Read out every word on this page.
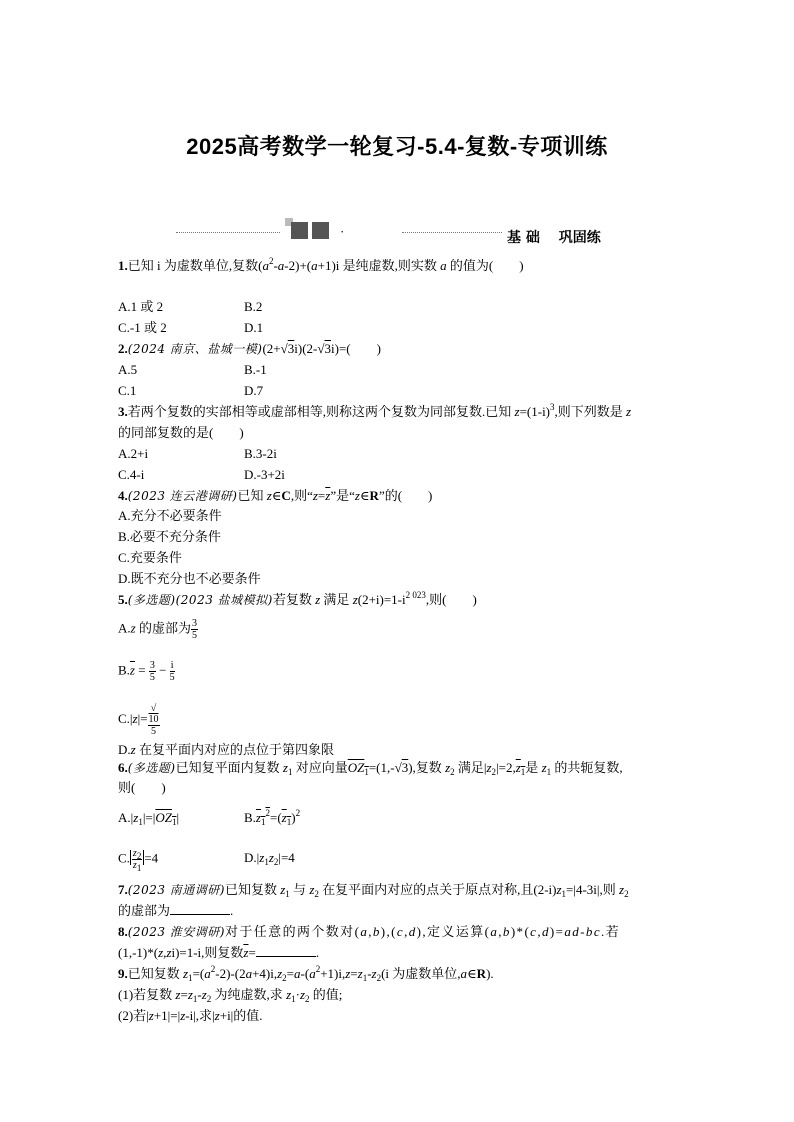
2025高考数学一轮复习-5.4-复数-专项训练
·	基 础　 巩固练
1.已知 i 为虚数单位,复数$(a^2-a-2)+(a+1)i$ 是纯虚数,则实数 a 的值为(　　)
A.1 或 2	B.2
C.-1 或 2	D.1
2.(2024 南京、盐城一模)(2+√3i)(2-√3i)=(　　)
A.5	B.-1
C.1	D.7
3.若两个复数的实部相等或虚部相等,则称这两个复数为同部复数.已知 $z=(1-i)^3$,则下列数是 z
的同部复数的是(　　)
A.2+i	B.3-2i
C.4-i	D.-3+2i
4.(2023 连云港调研)已知 z∈C,则“$z=\overline{z}$”是“z∈R”的(　　)
A.充分不必要条件
B.必要不充分条件
C.充要条件
D.既不充分也不必要条件
5.(多选题)(2023 盐城模拟)若复数 z 满足 $z(2+i)=1-i^{2 023}$,则(　　)
A.z 的虚部为 $\frac{3}{5}$
$B.\overline{z} = \frac{3}{5} - \frac{i}{5}$
C.|z|= √
10
5
D.z 在复平面内对应的点位于第四象限
6.(多选题)已知复平面内复数 $z_1$ 对应向量$OZ_1=(1,-√3)$,复数 $z_2$ 满足$|z_2|=2,z_1$是 $z_1$ 的共轭复数,
则(　　)
$A.|z_1|=|OZ_1|$	$B.z_1^2=(z_1)^2$
C. $\frac{z_2}{z_1} =4$	$D.|z_1z_2|=4$
7.(2023 南通调研)已知复数 $z_1$ 与 $z_2$ 在复平面内对应的点关于原点对称,且$(2-i)z_1=|4-3i|$,则 $z_2$
的虚部为	.
8.(2023 淮安调研)对于任意的两个数对(a,b),(c,d),定义运算(a,b)*(c,d)=ad-bc.若
(1,-1)*(z,zi)=1-i,则复数$\overline{z}=$	.
9.已知复数 $z_1=(a^2-2)-(2a+4)i,z_2=a-(a^2+1)i,z=z_1-z_2(i$ 为虚数单位,a∈R).
(1)若复数 $z=z_1-z_2$ 为纯虚数,求 $z_1\cdot z_2$ 的值;
(2)若|z+1|=|z-i|,求|z+i|的值.
